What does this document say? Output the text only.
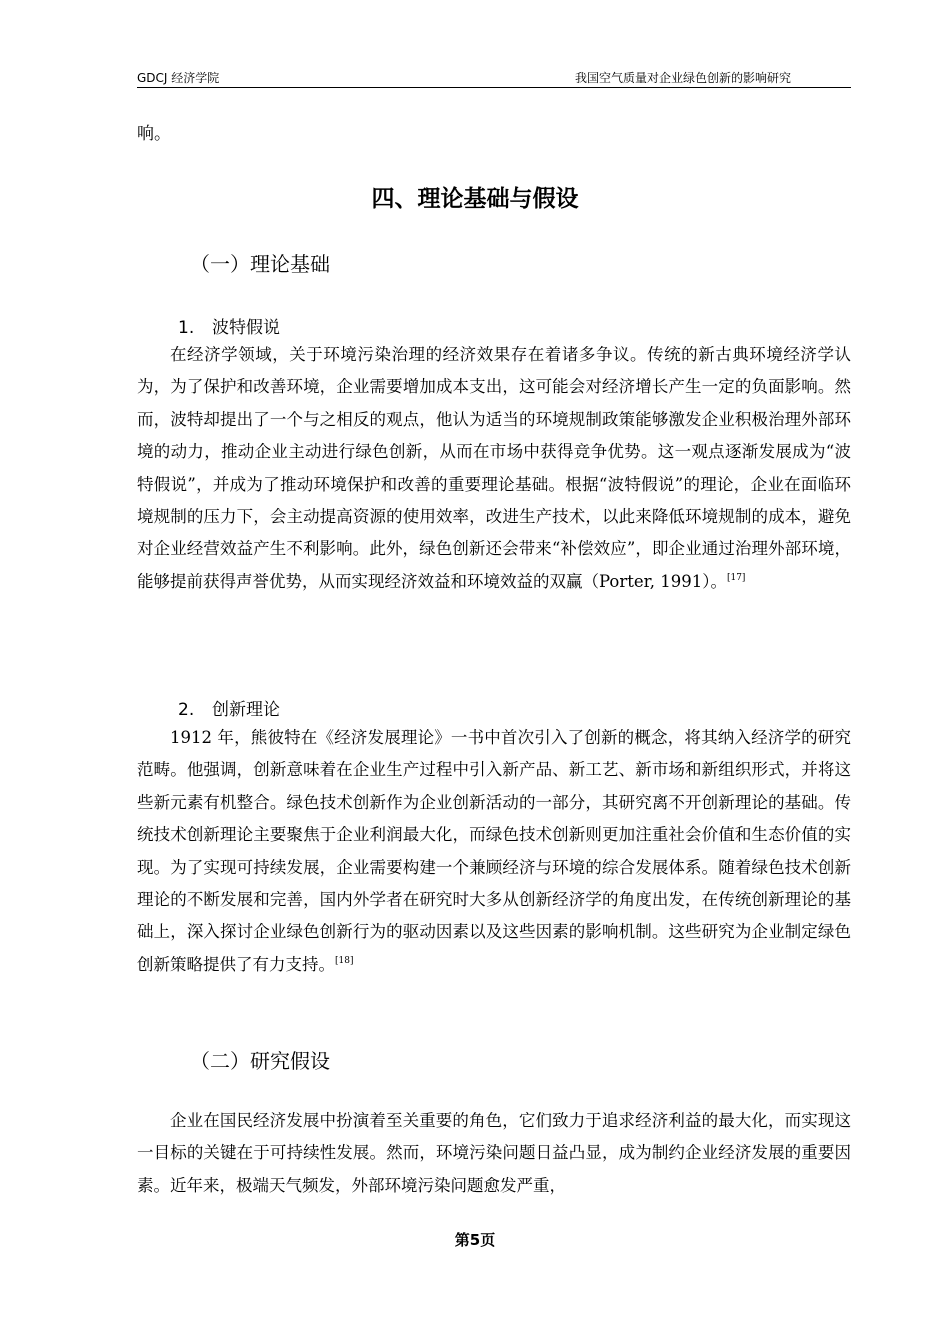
GDCJ 经济学院	我国空气质量对企业绿色创新的影响研究
响。
四、理论基础与假设
（一）理论基础
1. 波特假说

在经济学领域，关于环境污染治理的经济效果存在着诸多争议。传统的新古典环境经济学认为，为了保护和改善环境，企业需要增加成本支出，这可能会对经济增长产生一定的负面影响。然而，波特却提出了一个与之相反的观点，他认为适当的环境规制政策能够激发企业积极治理外部环境的动力，推动企业主动进行绿色创新，从而在市场中获得竞争优势。这一观点逐渐发展成为“波特假说”，并成为了推动环境保护和改善的重要理论基础。根据“波特假说”的理论，企业在面临环境规制的压力下，会主动提高资源的使用效率，改进生产技术，以此来降低环境规制的成本，避免对企业经营效益产生不利影响。此外，绿色创新还会带来“补偿效应”，即企业通过治理外部环境，能够提前获得声誉优势，从而实现经济效益和环境效益的双赢（Porter, 1991）。[17]

2. 创新理论

1912 年，熊彼特在《经济发展理论》一书中首次引入了创新的概念，将其纳入经济学的研究范畴。他强调，创新意味着在企业生产过程中引入新产品、新工艺、新市场和新组织形式，并将这些新元素有机整合。绿色技术创新作为企业创新活动的一部分，其研究离不开创新理论的基础。传统技术创新理论主要聚焦于企业利润最大化，而绿色技术创新则更加注重社会价值和生态价值的实现。为了实现可持续发展，企业需要构建一个兼顾经济与环境的综合发展体系。随着绿色技术创新理论的不断发展和完善，国内外学者在研究时大多从创新经济学的角度出发，在传统创新理论的基础上，深入探讨企业绿色创新行为的驱动因素以及这些因素的影响机制。这些研究为企业制定绿色创新策略提供了有力支持。[18]

（二）研究假设

企业在国民经济发展中扮演着至关重要的角色，它们致力于追求经济利益的最大化，而实现这一目标的关键在于可持续性发展。然而，环境污染问题日益凸显，成为制约企业经济发展的重要因素。近年来，极端天气频发，外部环境污染问题愈发严重，

第5页
